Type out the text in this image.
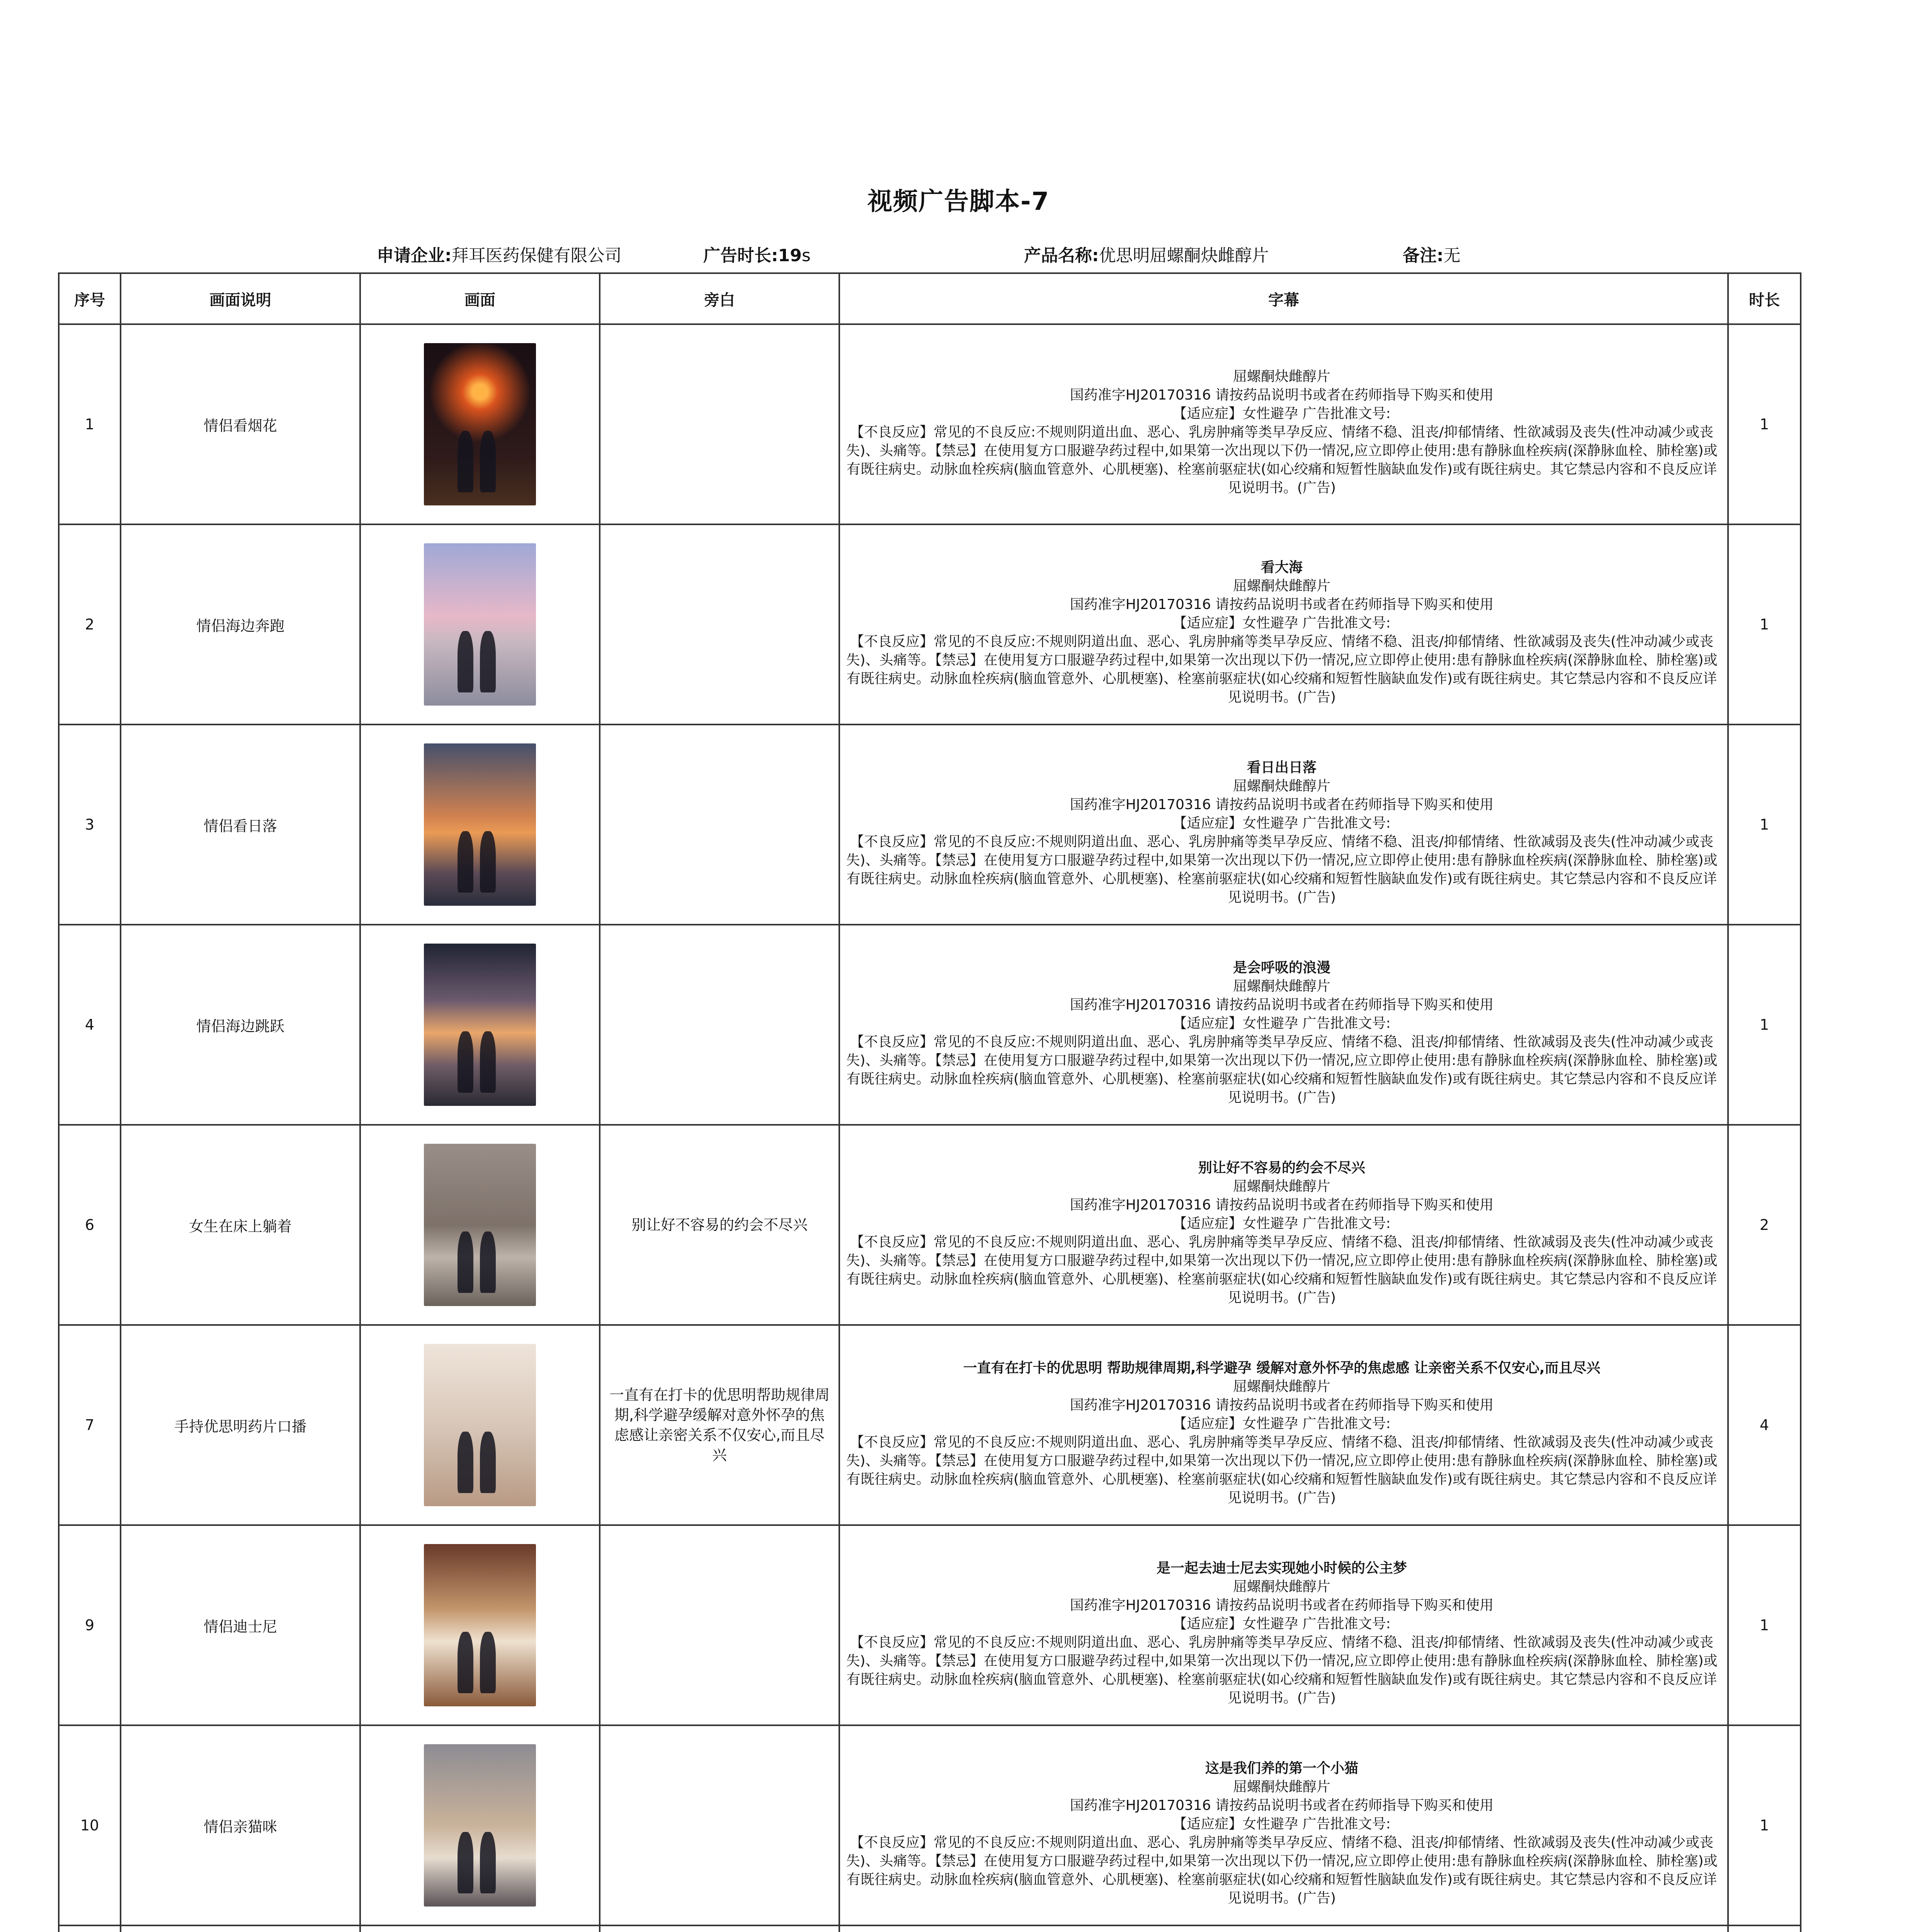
视频广告脚本-7
申请企业:拜耳医药保健有限公司	广告时长:19s	产品名称:优思明屈螺酮炔雌醇片	备注:无
序号	画面说明	画面	旁白	字幕	时长
1	情侣看烟花			屈螺酮炔雌醇片
国药准字HJ20170316 请按药品说明书或者在药师指导下购买和使用
【适应症】女性避孕 广告批准文号:
【不良反应】常见的不良反应:不规则阴道出血、恶心、乳房肿痛等类早孕反应、情绪不稳、沮丧/抑郁情绪、性欲减弱及丧失(性冲动减少或丧失)、头痛等。【禁忌】在使用复方口服避孕药过程中,如果第一次出现以下仍一情况,应立即停止使用:患有静脉血栓疾病(深静脉血栓、肺栓塞)或有既往病史。动脉血栓疾病(脑血管意外、心肌梗塞)、栓塞前驱症状(如心绞痛和短暂性脑缺血发作)或有既往病史。其它禁忌内容和不良反应详见说明书。(广告)	1
2	情侣海边奔跑			看大海
屈螺酮炔雌醇片
国药准字HJ20170316 请按药品说明书或者在药师指导下购买和使用
【适应症】女性避孕 广告批准文号:
【不良反应】常见的不良反应:不规则阴道出血、恶心、乳房肿痛等类早孕反应、情绪不稳、沮丧/抑郁情绪、性欲减弱及丧失(性冲动减少或丧失)、头痛等。【禁忌】在使用复方口服避孕药过程中,如果第一次出现以下仍一情况,应立即停止使用:患有静脉血栓疾病(深静脉血栓、肺栓塞)或有既往病史。动脉血栓疾病(脑血管意外、心肌梗塞)、栓塞前驱症状(如心绞痛和短暂性脑缺血发作)或有既往病史。其它禁忌内容和不良反应详见说明书。(广告)	1
3	情侣看日落			看日出日落
屈螺酮炔雌醇片
国药准字HJ20170316 请按药品说明书或者在药师指导下购买和使用
【适应症】女性避孕 广告批准文号:
【不良反应】常见的不良反应:不规则阴道出血、恶心、乳房肿痛等类早孕反应、情绪不稳、沮丧/抑郁情绪、性欲减弱及丧失(性冲动减少或丧失)、头痛等。【禁忌】在使用复方口服避孕药过程中,如果第一次出现以下仍一情况,应立即停止使用:患有静脉血栓疾病(深静脉血栓、肺栓塞)或有既往病史。动脉血栓疾病(脑血管意外、心肌梗塞)、栓塞前驱症状(如心绞痛和短暂性脑缺血发作)或有既往病史。其它禁忌内容和不良反应详见说明书。(广告)	1
4	情侣海边跳跃			是会呼吸的浪漫
屈螺酮炔雌醇片
国药准字HJ20170316 请按药品说明书或者在药师指导下购买和使用
【适应症】女性避孕 广告批准文号:
【不良反应】常见的不良反应:不规则阴道出血、恶心、乳房肿痛等类早孕反应、情绪不稳、沮丧/抑郁情绪、性欲减弱及丧失(性冲动减少或丧失)、头痛等。【禁忌】在使用复方口服避孕药过程中,如果第一次出现以下仍一情况,应立即停止使用:患有静脉血栓疾病(深静脉血栓、肺栓塞)或有既往病史。动脉血栓疾病(脑血管意外、心肌梗塞)、栓塞前驱症状(如心绞痛和短暂性脑缺血发作)或有既往病史。其它禁忌内容和不良反应详见说明书。(广告)	1
6	女生在床上躺着		别让好不容易的约会不尽兴	别让好不容易的约会不尽兴
屈螺酮炔雌醇片
国药准字HJ20170316 请按药品说明书或者在药师指导下购买和使用
【适应症】女性避孕 广告批准文号:
【不良反应】常见的不良反应:不规则阴道出血、恶心、乳房肿痛等类早孕反应、情绪不稳、沮丧/抑郁情绪、性欲减弱及丧失(性冲动减少或丧失)、头痛等。【禁忌】在使用复方口服避孕药过程中,如果第一次出现以下仍一情况,应立即停止使用:患有静脉血栓疾病(深静脉血栓、肺栓塞)或有既往病史。动脉血栓疾病(脑血管意外、心肌梗塞)、栓塞前驱症状(如心绞痛和短暂性脑缺血发作)或有既往病史。其它禁忌内容和不良反应详见说明书。(广告)	2
7	手持优思明药片口播		一直有在打卡的优思明帮助规律周期,科学避孕缓解对意外怀孕的焦虑感让亲密关系不仅安心,而且尽兴	一直有在打卡的优思明 帮助规律周期,科学避孕 缓解对意外怀孕的焦虑感 让亲密关系不仅安心,而且尽兴
屈螺酮炔雌醇片
国药准字HJ20170316 请按药品说明书或者在药师指导下购买和使用
【适应症】女性避孕 广告批准文号:
【不良反应】常见的不良反应:不规则阴道出血、恶心、乳房肿痛等类早孕反应、情绪不稳、沮丧/抑郁情绪、性欲减弱及丧失(性冲动减少或丧失)、头痛等。【禁忌】在使用复方口服避孕药过程中,如果第一次出现以下仍一情况,应立即停止使用:患有静脉血栓疾病(深静脉血栓、肺栓塞)或有既往病史。动脉血栓疾病(脑血管意外、心肌梗塞)、栓塞前驱症状(如心绞痛和短暂性脑缺血发作)或有既往病史。其它禁忌内容和不良反应详见说明书。(广告)	4
9	情侣迪士尼			是一起去迪士尼去实现她小时候的公主梦
屈螺酮炔雌醇片
国药准字HJ20170316 请按药品说明书或者在药师指导下购买和使用
【适应症】女性避孕 广告批准文号:
【不良反应】常见的不良反应:不规则阴道出血、恶心、乳房肿痛等类早孕反应、情绪不稳、沮丧/抑郁情绪、性欲减弱及丧失(性冲动减少或丧失)、头痛等。【禁忌】在使用复方口服避孕药过程中,如果第一次出现以下仍一情况,应立即停止使用:患有静脉血栓疾病(深静脉血栓、肺栓塞)或有既往病史。动脉血栓疾病(脑血管意外、心肌梗塞)、栓塞前驱症状(如心绞痛和短暂性脑缺血发作)或有既往病史。其它禁忌内容和不良反应详见说明书。(广告)	1
10	情侣亲猫咪			这是我们养的第一个小猫
屈螺酮炔雌醇片
国药准字HJ20170316 请按药品说明书或者在药师指导下购买和使用
【适应症】女性避孕 广告批准文号:
【不良反应】常见的不良反应:不规则阴道出血、恶心、乳房肿痛等类早孕反应、情绪不稳、沮丧/抑郁情绪、性欲减弱及丧失(性冲动减少或丧失)、头痛等。【禁忌】在使用复方口服避孕药过程中,如果第一次出现以下仍一情况,应立即停止使用:患有静脉血栓疾病(深静脉血栓、肺栓塞)或有既往病史。动脉血栓疾病(脑血管意外、心肌梗塞)、栓塞前驱症状(如心绞痛和短暂性脑缺血发作)或有既往病史。其它禁忌内容和不良反应详见说明书。(广告)	1
